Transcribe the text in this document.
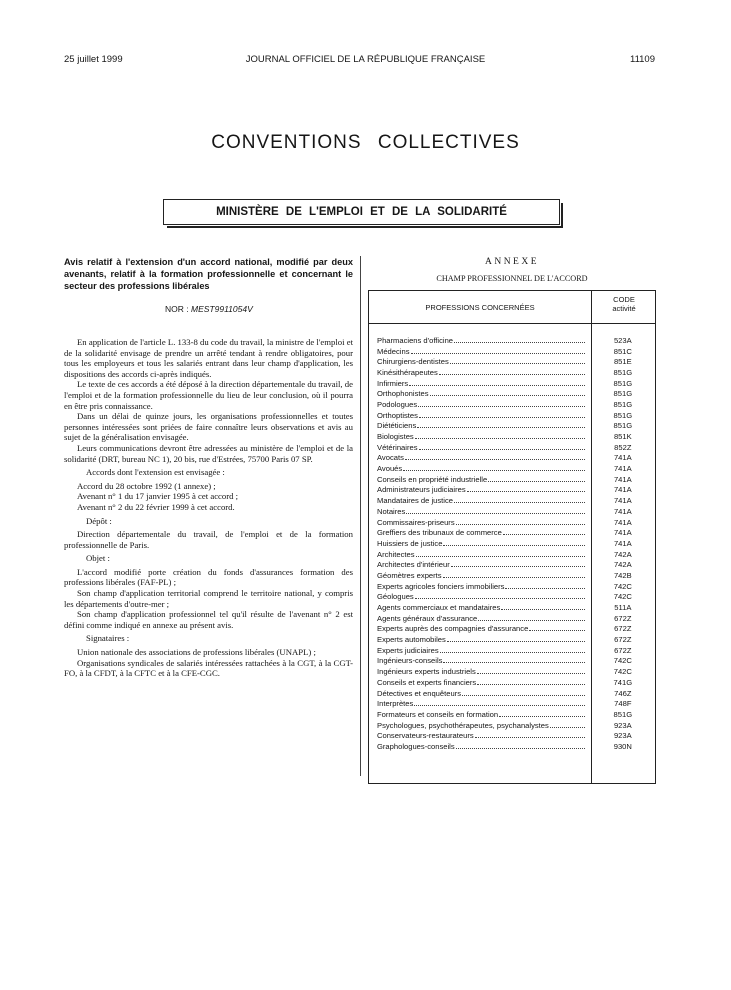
25 juillet 1999	JOURNAL OFFICIEL DE LA RÉPUBLIQUE FRANÇAISE	11109
CONVENTIONS COLLECTIVES
MINISTÈRE DE L'EMPLOI ET DE LA SOLIDARITÉ
Avis relatif à l'extension d'un accord national, modifié par deux avenants, relatif à la formation professionnelle et concernant le secteur des professions libérales
NOR : MEST9911054V

En application de l'article L. 133-8 du code du travail, la ministre de l'emploi et de la solidarité envisage de prendre un arrêté tendant à rendre obligatoires, pour tous les employeurs et tous les salariés entrant dans leur champ d'application, les dispositions des accords ci-après indiqués.

Le texte de ces accords a été déposé à la direction départementale du travail, de l'emploi et de la formation professionnelle du lieu de leur conclusion, où il pourra en être pris connaissance.

Dans un délai de quinze jours, les organisations professionnelles et toutes personnes intéressées sont priées de faire connaître leurs observations et avis au sujet de la généralisation envisagée.

Leurs communications devront être adressées au ministère de l'emploi et de la solidarité (DRT, bureau NC 1), 20 bis, rue d'Estrées, 75700 Paris 07 SP.

Accords dont l'extension est envisagée :

Accord du 28 octobre 1992 (1 annexe) ;

Avenant n° 1 du 17 janvier 1995 à cet accord ;

Avenant n° 2 du 22 février 1999 à cet accord.

Dépôt :

Direction départementale du travail, de l'emploi et de la formation professionnelle de Paris.

Objet :

L'accord modifié porte création du fonds d'assurances formation des professions libérales (FAF-PL) ;

Son champ d'application territorial comprend le territoire national, y compris les départements d'outre-mer ;

Son champ d'application professionnel tel qu'il résulte de l'avenant n° 2 est défini comme indiqué en annexe au présent avis.

Signataires :

Union nationale des associations de professions libérales (UNAPL) ;

Organisations syndicales de salariés intéressées rattachées à la CGT, à la CGT-FO, à la CFDT, à la CFTC et à la CFE-CGC.

ANNEXE
CHAMP PROFESSIONNEL DE L'ACCORD
PROFESSIONS CONCERNÉES
CODE
activité
Pharmaciens d'officine	523A
Médecins	851C
Chirurgiens-dentistes	851E
Kinésithérapeutes	851G
Infirmiers	851G
Orthophonistes	851G
Podologues	851G
Orthoptistes	851G
Diététiciens	851G
Biologistes	851K
Vétérinaires	852Z
Avocats	741A
Avoués	741A
Conseils en propriété industrielle	741A
Administrateurs judiciaires	741A
Mandataires de justice	741A
Notaires	741A
Commissaires-priseurs	741A
Greffiers des tribunaux de commerce	741A
Huissiers de justice	741A
Architectes	742A
Architectes d'intérieur	742A
Géomètres experts	742B
Experts agricoles fonciers immobiliers	742C
Géologues	742C
Agents commerciaux et mandataires	511A
Agents généraux d'assurance	672Z
Experts auprès des compagnies d'assurance	672Z
Experts automobiles	672Z
Experts judiciaires	672Z
Ingénieurs-conseils	742C
Ingénieurs experts industriels	742C
Conseils et experts financiers	741G
Détectives et enquêteurs	746Z
Interprètes	748F
Formateurs et conseils en formation	851G
Psychologues, psychothérapeutes, psychanalystes	923A
Conservateurs-restaurateurs	923A
Graphologues-conseils	930N
